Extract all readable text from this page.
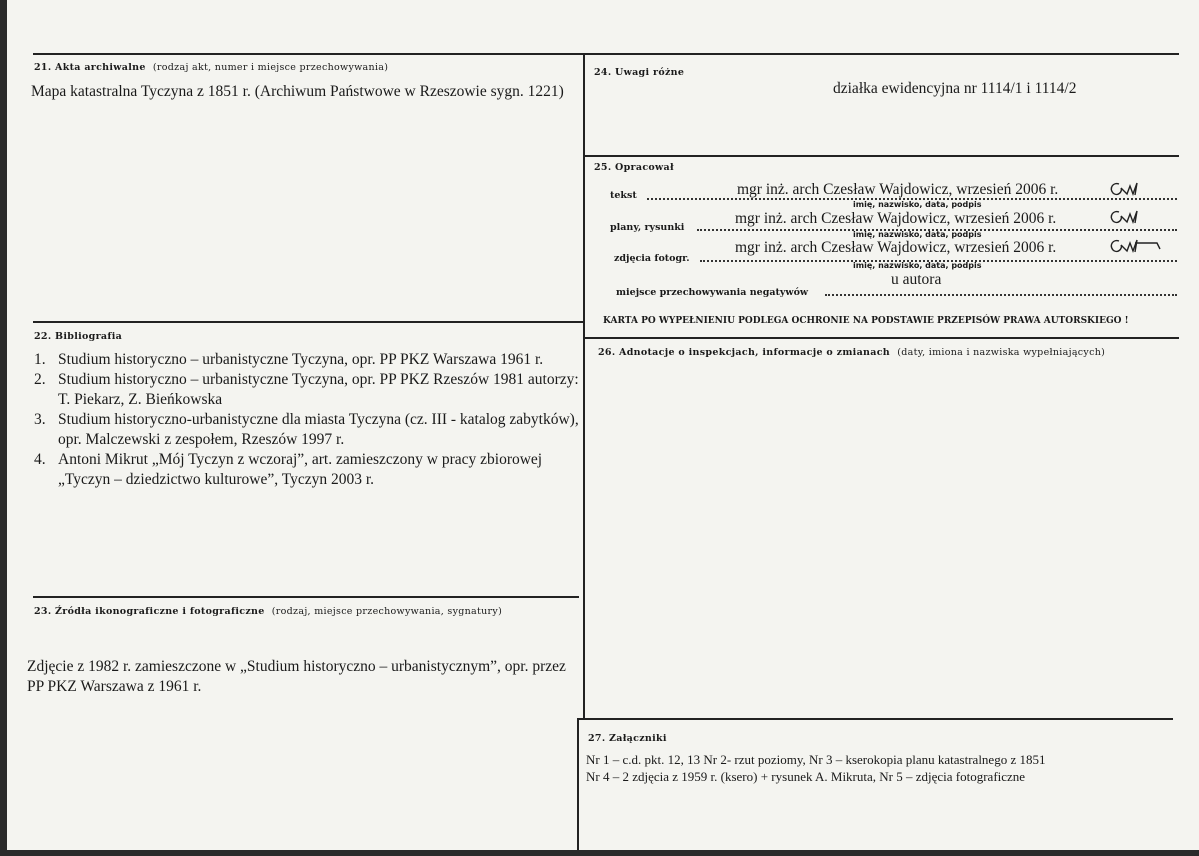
21. Akta archiwalne (rodzaj akt, numer i miejsce przechowywania)
Mapa katastralna Tyczyna z 1851 r. (Archiwum Państwowe w Rzeszowie sygn. 1221)
22. Bibliografia
1. Studium historyczno – urbanistyczne Tyczyna, opr. PP PKZ Warszawa 1961 r.
2. Studium historyczno – urbanistyczne Tyczyna, opr. PP PKZ Rzeszów 1981 autorzy: T. Piekarz, Z. Bieńkowska
3. Studium historyczno-urbanistyczne dla miasta Tyczyna (cz. III - katalog zabytków), opr. Malczewski z zespołem, Rzeszów 1997 r.
4. Antoni Mikrut „Mój Tyczyn z wczoraj”, art. zamieszczony w pracy zbiorowej „Tyczyn – dziedzictwo kulturowe”, Tyczyn 2003 r.
23. Źródła ikonograficzne i fotograficzne (rodzaj, miejsce przechowywania, sygnatury)
Zdjęcie z 1982 r. zamieszczone w „Studium historyczno – urbanistycznym”, opr. przez PP PKZ Warszawa z 1961 r.
24. Uwagi różne
działka ewidencyjna nr 1114/1 i 1114/2
25. Opracował
tekst	mgr inż. arch Czesław Wajdowicz, wrzesień 2006 r.
imię, nazwisko, data, podpis
plany, rysunki
mgr inż. arch Czesław Wajdowicz, wrzesień 2006 r.
imię, nazwisko, data, podpis
zdjęcia fotogr.
mgr inż. arch Czesław Wajdowicz, wrzesień 2006 r.
imię, nazwisko, data, podpis
u autora
miejsce przechowywania negatywów
KARTA PO WYPEŁNIENIU PODLEGA OCHRONIE NA PODSTAWIE PRZEPISÓW PRAWA AUTORSKIEGO !
26. Adnotacje o inspekcjach, informacje o zmianach (daty, imiona i nazwiska wypełniających)
27. Załączniki
Nr 1 – c.d. pkt. 12, 13 Nr 2- rzut poziomy, Nr 3 – kserokopia planu katastralnego z 1851
Nr 4 – 2 zdjęcia z 1959 r. (ksero) + rysunek A. Mikruta, Nr 5 – zdjęcia fotograficzne
